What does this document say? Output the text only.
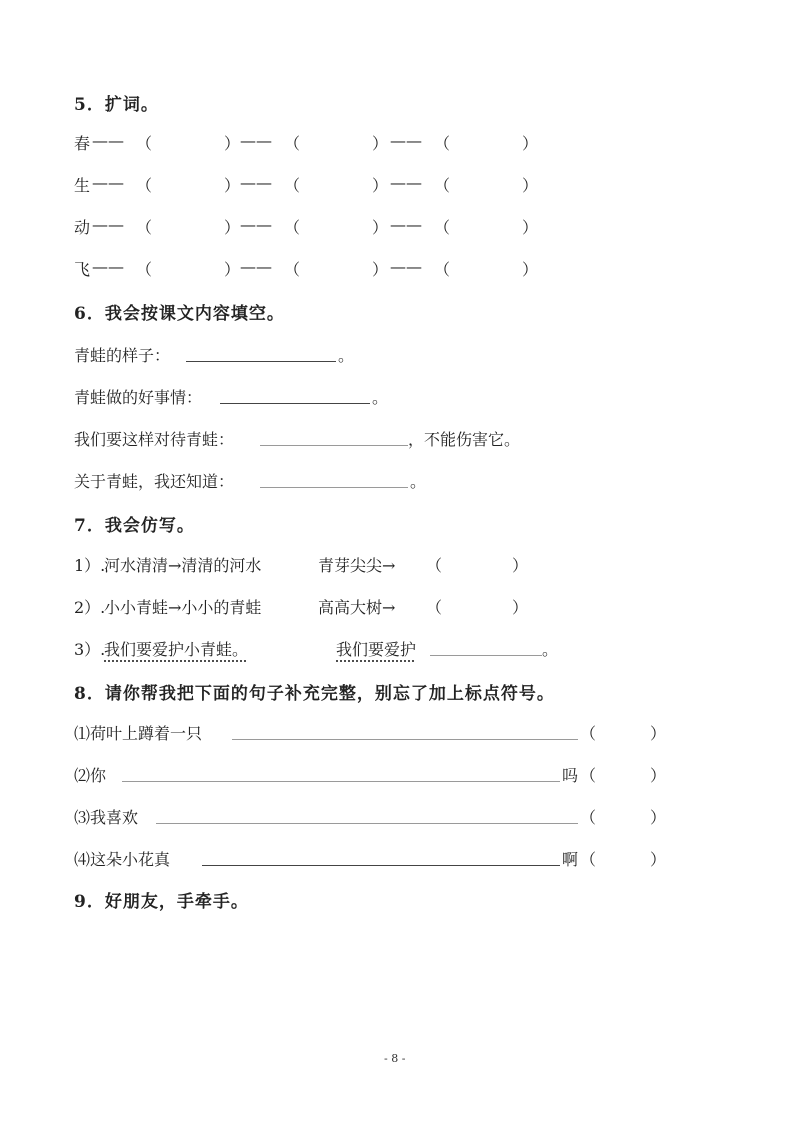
5．扩词。
春 —— （	） —— （	） —— （	）
生 —— （	） —— （	） —— （	）
动 —— （	） —— （	） —— （	）
飞 —— （	） —— （	） —— （	）
6．我会按课文内容填空。
青蛙的样子：	。
青蛙做的好事情：	。
我们要这样对待青蛙：	，不能伤害它。
关于青蛙，我还知道：	。
7．我会仿写。
1）.
河水清清→清清的河水	青芽尖尖→ （	）
2）.
小小青蛙→小小的青蛙	高高大树→ （	）
3）.
我们要爱护小青蛙。	我们要爱护	。
8．请你帮我把下面的句子补充完整，别忘了加上标点符号。
⑴荷叶上蹲着一只	（	）
⑵你	吗 （	）
⑶我喜欢	（	）
⑷这朵小花真	啊 （	）
9．好朋友，手牵手。
- 8 -
